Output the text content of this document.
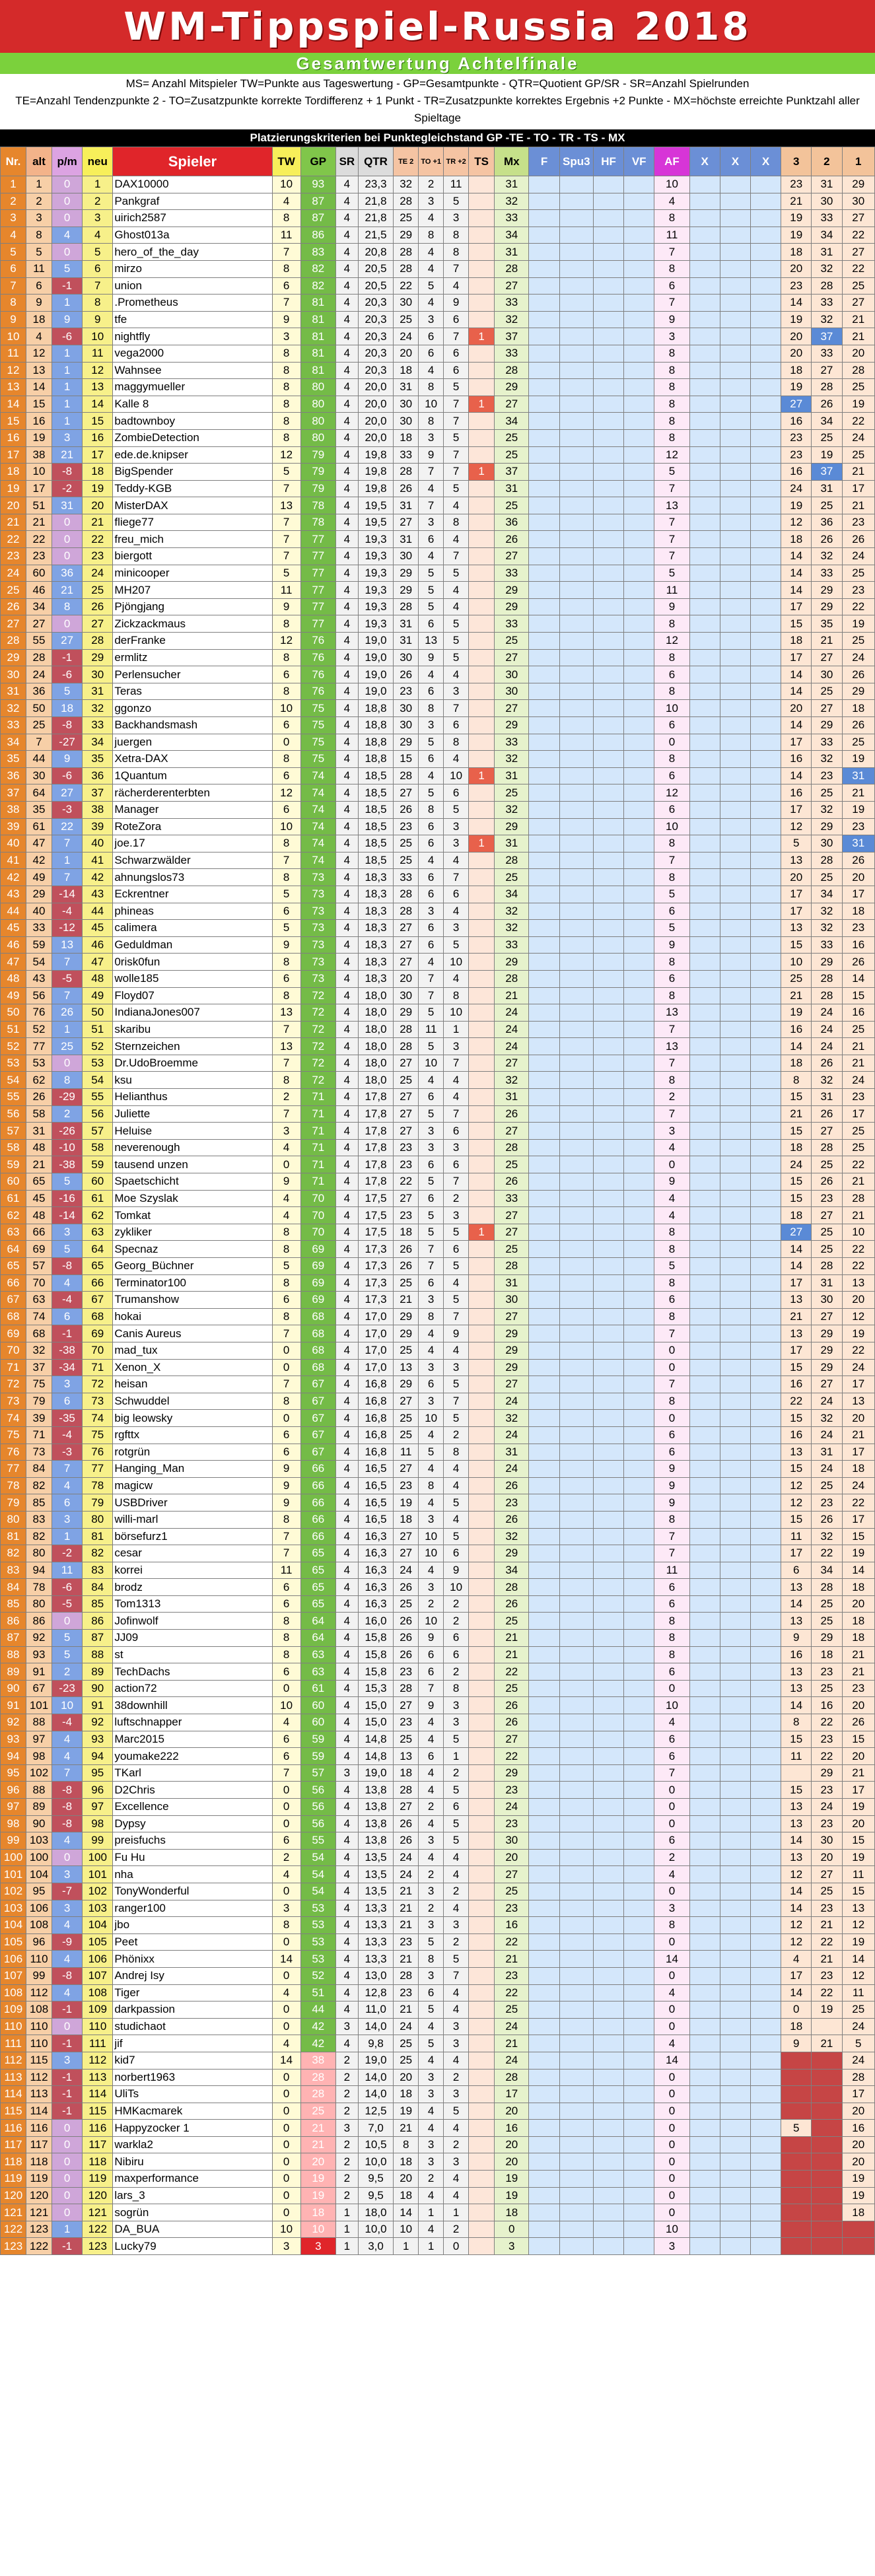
WM-Tippspiel-Russia 2018
Gesamtwertung Achtelfinale
MS= Anzahl Mitspieler TW=Punkte aus Tageswertung - GP=Gesamtpunkte - QTR=Quotient GP/SR - SR=Anzahl Spielrunden
TE=Anzahl Tendenzpunkte 2 - TO=Zusatzpunkte korrekte Tordifferenz + 1 Punkt - TR=Zusatzpunkte korrektes Ergebnis +2 Punkte - MX=höchste erreichte Punktzahl aller Spieltage
Platzierungskriterien bei Punktegleichstand GP -TE - TO - TR - TS - MX
Nr.	alt	p/m	neu	Spieler	TW	GP	SR	QTR	TE 2	TO +1	TR +2	TS	Mx	F	Spu3	HF	VF	AF	X	X	X	3	2	1
1	1	0	1	DAX10000	10	93	4	23,3	32	2	11		31					10				23	31	29
2	2	0	2	Pankgraf	4	87	4	21,8	28	3	5		32					4				21	30	30
3	3	0	3	uirich2587	8	87	4	21,8	25	4	3		33					8				19	33	27
4	8	4	4	Ghost013a	11	86	4	21,5	29	8	8		34					11				19	34	22
5	5	0	5	hero_of_the_day	7	83	4	20,8	28	4	8		31					7				18	31	27
6	11	5	6	mirzo	8	82	4	20,5	28	4	7		28					8				20	32	22
7	6	-1	7	union	6	82	4	20,5	22	5	4		27					6				23	28	25
8	9	1	8	.Prometheus	7	81	4	20,3	30	4	9		33					7				14	33	27
9	18	9	9	tfe	9	81	4	20,3	25	3	6		32					9				19	32	21
10	4	-6	10	nightfly	3	81	4	20,3	24	6	7	1	37					3				20	37	21
11	12	1	11	vega2000	8	81	4	20,3	20	6	6		33					8				20	33	20
12	13	1	12	Wahnsee	8	81	4	20,3	18	4	6		28					8				18	27	28
13	14	1	13	maggymueller	8	80	4	20,0	31	8	5		29					8				19	28	25
14	15	1	14	Kalle 8	8	80	4	20,0	30	10	7	1	27					8				27	26	19
15	16	1	15	badtownboy	8	80	4	20,0	30	8	7		34					8				16	34	22
16	19	3	16	ZombieDetection	8	80	4	20,0	18	3	5		25					8				23	25	24
17	38	21	17	ede.de.knipser	12	79	4	19,8	33	9	7		25					12				23	19	25
18	10	-8	18	BigSpender	5	79	4	19,8	28	7	7	1	37					5				16	37	21
19	17	-2	19	Teddy-KGB	7	79	4	19,8	26	4	5		31					7				24	31	17
20	51	31	20	MisterDAX	13	78	4	19,5	31	7	4		25					13				19	25	21
21	21	0	21	fliege77	7	78	4	19,5	27	3	8		36					7				12	36	23
22	22	0	22	freu_mich	7	77	4	19,3	31	6	4		26					7				18	26	26
23	23	0	23	biergott	7	77	4	19,3	30	4	7		27					7				14	32	24
24	60	36	24	minicooper	5	77	4	19,3	29	5	5		33					5				14	33	25
25	46	21	25	MH207	11	77	4	19,3	29	5	4		29					11				14	29	23
26	34	8	26	Pjöngjang	9	77	4	19,3	28	5	4		29					9				17	29	22
27	27	0	27	Zickzackmaus	8	77	4	19,3	31	6	5		33					8				15	35	19
28	55	27	28	derFranke	12	76	4	19,0	31	13	5		25					12				18	21	25
29	28	-1	29	ermlitz	8	76	4	19,0	30	9	5		27					8				17	27	24
30	24	-6	30	Perlensucher	6	76	4	19,0	26	4	4		30					6				14	30	26
31	36	5	31	Teras	8	76	4	19,0	23	6	3		30					8				14	25	29
32	50	18	32	ggonzo	10	75	4	18,8	30	8	7		27					10				20	27	18
33	25	-8	33	Backhandsmash	6	75	4	18,8	30	3	6		29					6				14	29	26
34	7	-27	34	juergen	0	75	4	18,8	29	5	8		33					0				17	33	25
35	44	9	35	Xetra-DAX	8	75	4	18,8	15	6	4		32					8				16	32	19
36	30	-6	36	1Quantum	6	74	4	18,5	28	4	10	1	31					6				14	23	31
37	64	27	37	rächerderenterbten	12	74	4	18,5	27	5	6		25					12				16	25	21
38	35	-3	38	Manager	6	74	4	18,5	26	8	5		32					6				17	32	19
39	61	22	39	RoteZora	10	74	4	18,5	23	6	3		29					10				12	29	23
40	47	7	40	joe.17	8	74	4	18,5	25	6	3	1	31					8				5	30	31
41	42	1	41	Schwarzwälder	7	74	4	18,5	25	4	4		28					7				13	28	26
42	49	7	42	ahnungslos73	8	73	4	18,3	33	6	7		25					8				20	25	20
43	29	-14	43	Eckrentner	5	73	4	18,3	28	6	6		34					5				17	34	17
44	40	-4	44	phineas	6	73	4	18,3	28	3	4		32					6				17	32	18
45	33	-12	45	calimera	5	73	4	18,3	27	6	3		32					5				13	32	23
46	59	13	46	Geduldman	9	73	4	18,3	27	6	5		33					9				15	33	16
47	54	7	47	0risk0fun	8	73	4	18,3	27	4	10		29					8				10	29	26
48	43	-5	48	wolle185	6	73	4	18,3	20	7	4		28					6				25	28	14
49	56	7	49	Floyd07	8	72	4	18,0	30	7	8		21					8				21	28	15
50	76	26	50	IndianaJones007	13	72	4	18,0	29	5	10		24					13				19	24	16
51	52	1	51	skaribu	7	72	4	18,0	28	11	1		24					7				16	24	25
52	77	25	52	Sternzeichen	13	72	4	18,0	28	5	3		24					13				14	24	21
53	53	0	53	Dr.UdoBroemme	7	72	4	18,0	27	10	7		27					7				18	26	21
54	62	8	54	ksu	8	72	4	18,0	25	4	4		32					8				8	32	24
55	26	-29	55	Helianthus	2	71	4	17,8	27	6	4		31					2				15	31	23
56	58	2	56	Juliette	7	71	4	17,8	27	5	7		26					7				21	26	17
57	31	-26	57	Heluise	3	71	4	17,8	27	3	6		27					3				15	27	25
58	48	-10	58	neverenough	4	71	4	17,8	23	3	3		28					4				18	28	25
59	21	-38	59	tausend unzen	0	71	4	17,8	23	6	6		25					0				24	25	22
60	65	5	60	Spaetschicht	9	71	4	17,8	22	5	7		26					9				15	26	21
61	45	-16	61	Moe Szyslak	4	70	4	17,5	27	6	2		33					4				15	23	28
62	48	-14	62	Tomkat	4	70	4	17,5	23	5	3		27					4				18	27	21
63	66	3	63	zykliker	8	70	4	17,5	18	5	5	1	27					8				27	25	10
64	69	5	64	Specnaz	8	69	4	17,3	26	7	6		25					8				14	25	22
65	57	-8	65	Georg_Büchner	5	69	4	17,3	26	7	5		28					5				14	28	22
66	70	4	66	Terminator100	8	69	4	17,3	25	6	4		31					8				17	31	13
67	63	-4	67	Trumanshow	6	69	4	17,3	21	3	5		30					6				13	30	20
68	74	6	68	hokai	8	68	4	17,0	29	8	7		27					8				21	27	12
69	68	-1	69	Canis Aureus	7	68	4	17,0	29	4	9		29					7				13	29	19
70	32	-38	70	mad_tux	0	68	4	17,0	25	4	4		29					0				17	29	22
71	37	-34	71	Xenon_X	0	68	4	17,0	13	3	3		29					0				15	29	24
72	75	3	72	heisan	7	67	4	16,8	29	6	5		27					7				16	27	17
73	79	6	73	Schwuddel	8	67	4	16,8	27	3	7		24					8				22	24	13
74	39	-35	74	big leowsky	0	67	4	16,8	25	10	5		32					0				15	32	20
75	71	-4	75	rgfttx	6	67	4	16,8	25	4	2		24					6				16	24	21
76	73	-3	76	rotgrün	6	67	4	16,8	11	5	8		31					6				13	31	17
77	84	7	77	Hanging_Man	9	66	4	16,5	27	4	4		24					9				15	24	18
78	82	4	78	magicw	9	66	4	16,5	23	8	4		26					9				12	25	24
79	85	6	79	USBDriver	9	66	4	16,5	19	4	5		23					9				12	23	22
80	83	3	80	willi-marl	8	66	4	16,5	18	3	4		26					8				15	26	17
81	82	1	81	börsefurz1	7	66	4	16,3	27	10	5		32					7				11	32	15
82	80	-2	82	cesar	7	65	4	16,3	27	10	6		29					7				17	22	19
83	94	11	83	korrei	11	65	4	16,3	24	4	9		34					11				6	34	14
84	78	-6	84	brodz	6	65	4	16,3	26	3	10		28					6				13	28	18
85	80	-5	85	Tom1313	6	65	4	16,3	25	2	2		26					6				14	25	20
86	86	0	86	Jofinwolf	8	64	4	16,0	26	10	2		25					8				13	25	18
87	92	5	87	JJ09	8	64	4	15,8	26	9	6		21					8				9	29	18
88	93	5	88	st	8	63	4	15,8	26	6	6		21					8				16	18	21
89	91	2	89	TechDachs	6	63	4	15,8	23	6	2		22					6				13	23	21
90	67	-23	90	action72	0	61	4	15,3	28	7	8		25					0				13	25	23
91	101	10	91	38downhill	10	60	4	15,0	27	9	3		26					10				14	16	20
92	88	-4	92	luftschnapper	4	60	4	15,0	23	4	3		26					4				8	22	26
93	97	4	93	Marc2015	6	59	4	14,8	25	4	5		27					6				15	23	15
94	98	4	94	youmake222	6	59	4	14,8	13	6	1		22					6				11	22	20
95	102	7	95	TKarl	7	57	3	19,0	18	4	2		29					7					29	21
96	88	-8	96	D2Chris	0	56	4	13,8	28	4	5		23					0				15	23	17
97	89	-8	97	Excellence	0	56	4	13,8	27	2	6		24					0				13	24	19
98	90	-8	98	Dypsy	0	56	4	13,8	26	4	5		23					0				13	23	20
99	103	4	99	preisfuchs	6	55	4	13,8	26	3	5		30					6				14	30	15
100	100	0	100	Fu Hu	2	54	4	13,5	24	4	4		20					2				13	20	19
101	104	3	101	nha	4	54	4	13,5	24	2	4		27					4				12	27	11
102	95	-7	102	TonyWonderful	0	54	4	13,5	21	3	2		25					0				14	25	15
103	106	3	103	ranger100	3	53	4	13,3	21	2	4		23					3				14	23	13
104	108	4	104	jbo	8	53	4	13,3	21	3	3		16					8				12	21	12
105	96	-9	105	Peet	0	53	4	13,3	23	5	2		22					0				12	22	19
106	110	4	106	Phönixx	14	53	4	13,3	21	8	5		21					14				4	21	14
107	99	-8	107	Andrej Isy	0	52	4	13,0	28	3	7		23					0				17	23	12
108	112	4	108	Tiger	4	51	4	12,8	23	6	4		22					4				14	22	11
109	108	-1	109	darkpassion	0	44	4	11,0	21	5	4		25					0				0	19	25
110	110	0	110	studichaot	0	42	3	14,0	24	4	3		24					0				18		24
111	110	-1	111	jif	4	42	4	9,8	25	5	3		21					4				9	21	5
112	115	3	112	kid7	14	38	2	19,0	25	4	4		24					14						24
113	112	-1	113	norbert1963	0	28	2	14,0	20	3	2		28					0						28
114	113	-1	114	UliTs	0	28	2	14,0	18	3	3		17					0						17
115	114	-1	115	HMKacmarek	0	25	2	12,5	19	4	5		20					0						20
116	116	0	116	Happyzocker 1	0	21	3	7,0	21	4	4		16					0				5		16
117	117	0	117	warkla2	0	21	2	10,5	8	3	2		20					0						20
118	118	0	118	Nibiru	0	20	2	10,0	18	3	3		20					0						20
119	119	0	119	maxperformance	0	19	2	9,5	20	2	4		19					0						19
120	120	0	120	lars_3	0	19	2	9,5	18	4	4		19					0						19
121	121	0	121	sogrün	0	18	1	18,0	14	1	1		18					0						18
122	123	1	122	DA_BUA	10	10	1	10,0	10	4	2		0					10						
123	122	-1	123	Lucky79	3	3	1	3,0	1	1	0		3					3						
